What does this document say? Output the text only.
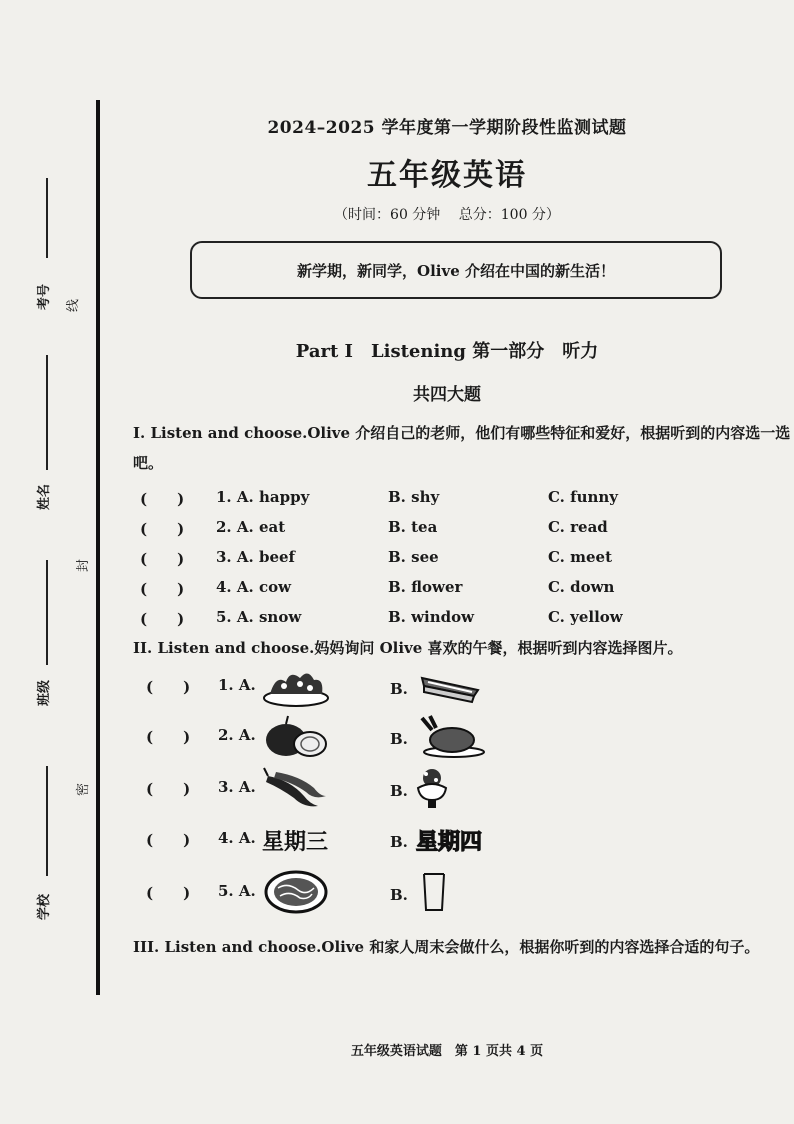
考号	线
姓名
封
班级
密
学校
2024–2025 学年度第一学期阶段性监测试题
五年级英语
（时间：60 分钟　 总分：100 分）
新学期，新同学，Olive 介绍在中国的新生活！
Part I　Listening 第一部分　听力
共四大题
I. Listen and choose.Olive 介绍自己的老师，他们有哪些特征和爱好，根据听到的内容选一选吧。
(　　) 1. A. happy	B. shy	C. funny
(　　) 2. A. eat	B. tea	C. read
(　　) 3. A. beef	B. see	C. meet
(　　) 4. A. cow	B. flower	C. down
(　　) 5. A. snow	B. window	C. yellow
II. Listen and choose.妈妈询问 Olive 喜欢的午餐，根据听到内容选择图片。
(　　) 1. A.	B.
(　　) 2. A.	B.
(　　) 3. A.	B.
(　　) 4. A. 星期三	B. 星期四
(　　) 5. A.	B.
III. Listen and choose.Olive 和家人周末会做什么，根据你听到的内容选择合适的句子。
五年级英语试题　第 1 页共 4 页
